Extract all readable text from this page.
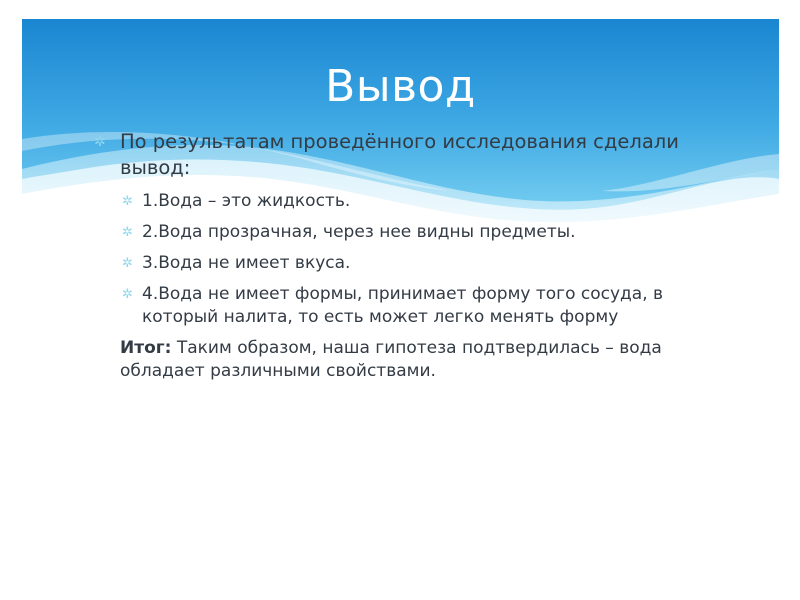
Вывод

✲ По результатам проведённого исследования сделали вывод:

✲ 1.Вода – это жидкость.

✲ 2.Вода прозрачная, через нее видны предметы.

✲ 3.Вода не имеет вкуса.

✲ 4.Вода не имеет формы, принимает форму того сосуда, в который налита, то есть может легко менять форму

Итог: Таким образом, наша гипотеза подтвердилась – вода обладает различными свойствами.
